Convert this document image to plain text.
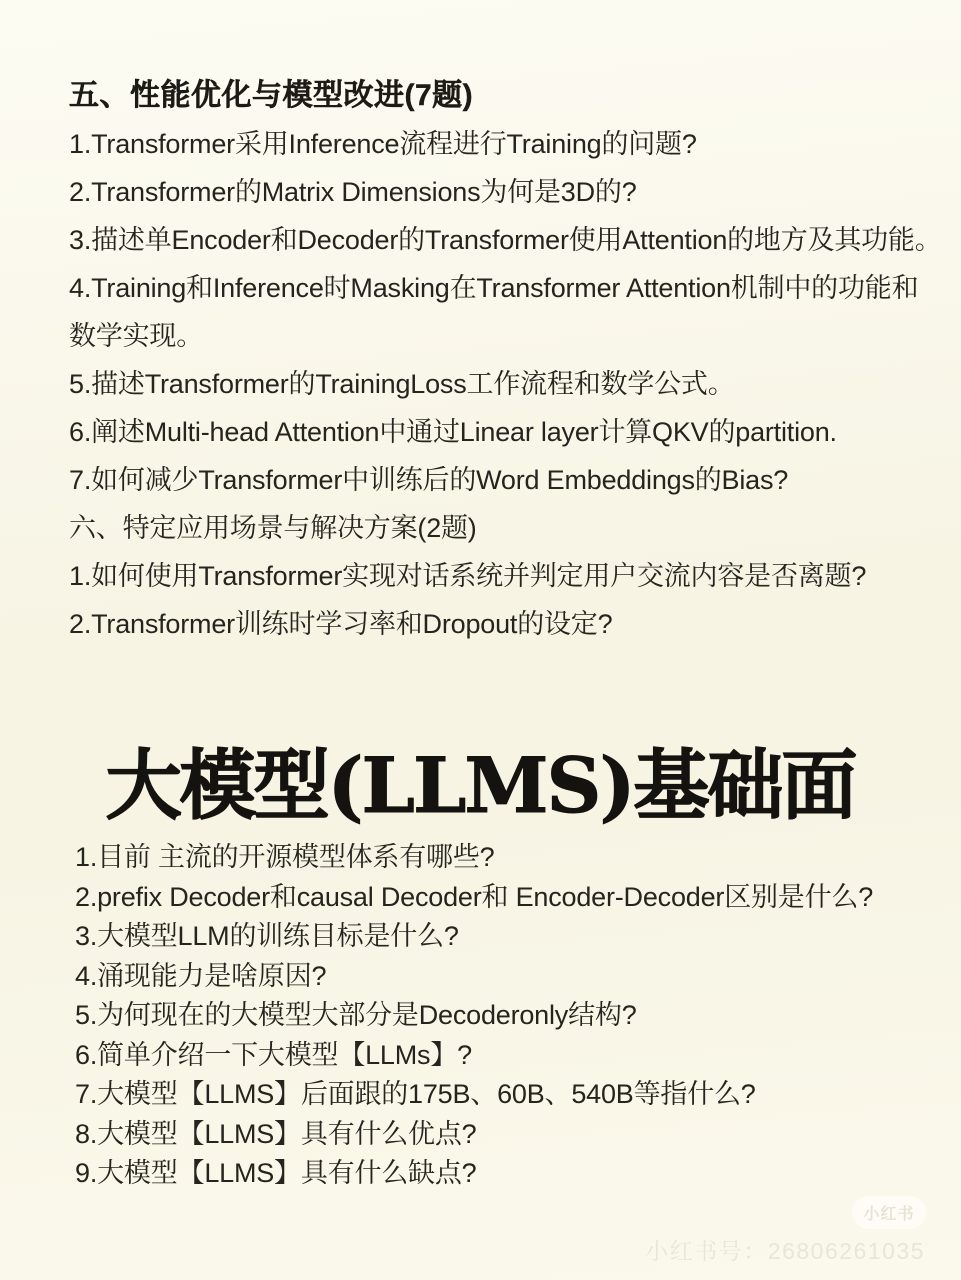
五、性能优化与模型改进(7题)
1.Transformer采用Inference流程进行Training的问题?
2.Transformer的Matrix Dimensions为何是3D的?
3.描述单Encoder和Decoder的Transformer使用Attention的地方及其功能。
4.Training和Inference时Masking在Transformer Attention机制中的功能和
数学实现。
5.描述Transformer的TrainingLoss工作流程和数学公式。
6.阐述Multi-head Attention中通过Linear layer计算QKV的partition.
7.如何减少Transformer中训练后的Word Embeddings的Bias?
六、特定应用场景与解决方案(2题)
1.如何使用Transformer实现对话系统并判定用户交流内容是否离题?
2.Transformer训练时学习率和Dropout的设定?
大模型(LLMS)基础面
1.目前 主流的开源模型体系有哪些?
2.prefix Decoder和causal Decoder和 Encoder-Decoder区别是什么?
3.大模型LLM的训练目标是什么?
4.涌现能力是啥原因?
5.为何现在的大模型大部分是Decoderonly结构?
6.简单介绍一下大模型【LLMs】?
7.大模型【LLMS】后面跟的175B、60B、540B等指什么?
8.大模型【LLMS】具有什么优点?
9.大模型【LLMS】具有什么缺点?
小红书
小红书号：26806261035
